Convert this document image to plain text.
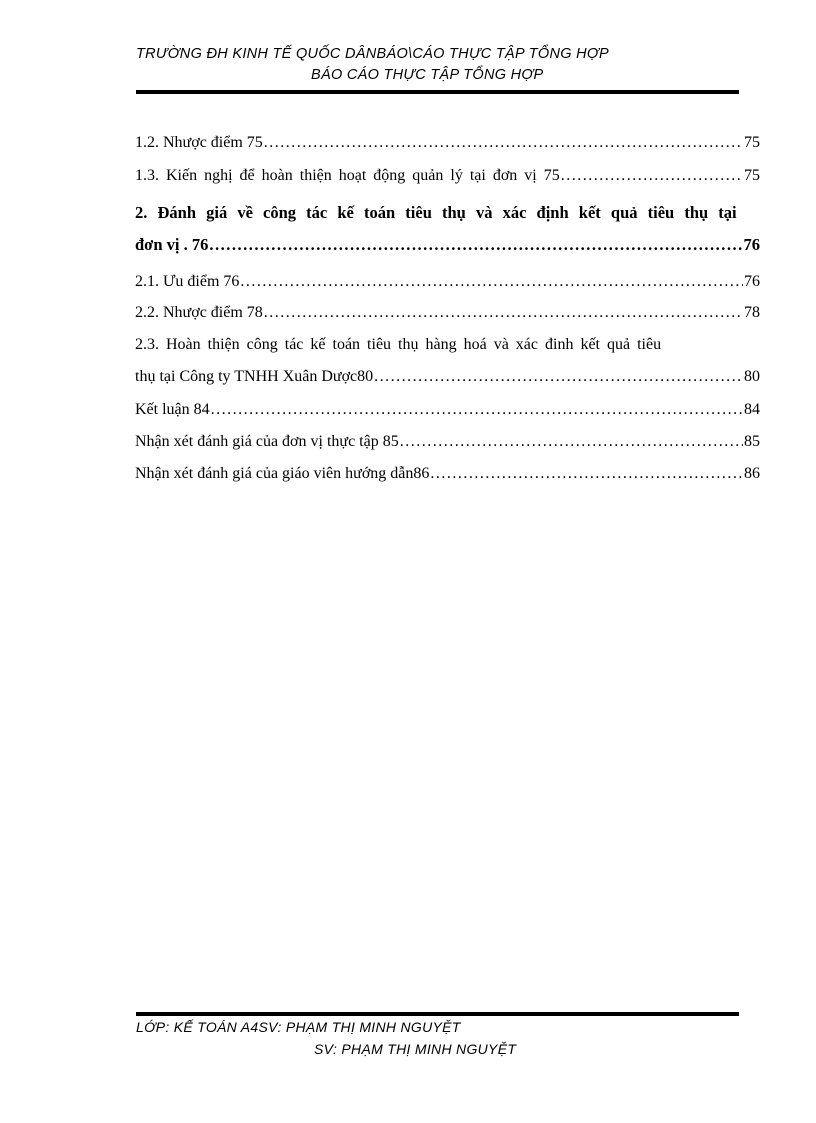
TRƯỜNG ĐH KINH TẾ QUỐC DÂNBÁO\CÁO THỰC TẬP TỔNG HỢP
BÁO CÁO THỰC TẬP TỔNG HỢP
1.2. Nhược điểm 75 .....	75
1.3. Kiến nghị để hoàn thiện hoạt động quản lý tại đơn vị 75 .....	75
2. Đánh giá về công tác kế toán tiêu thụ và xác định kết quả tiêu thụ tại
đơn vị . 76 .....	76
2.1. Ưu điểm 76 .....	76
2.2. Nhược điểm 78 .....	78
2.3. Hoàn thiện công tác kế toán tiêu thụ hàng hoá và xác đinh kết quả tiêu
thụ tại Công ty TNHH Xuân Dược80 .....	80
Kết luận 84 .....	84
Nhận xét đánh giá của đơn vị thực tập 85 .....	85
Nhận xét đánh giá của giáo viên hướng dẫn86 .....	86
LỚP: KẾ TOÁN A4SV: PHẠM THỊ MINH NGUYỆT
SV: PHẠM THỊ MINH NGUYỆT
